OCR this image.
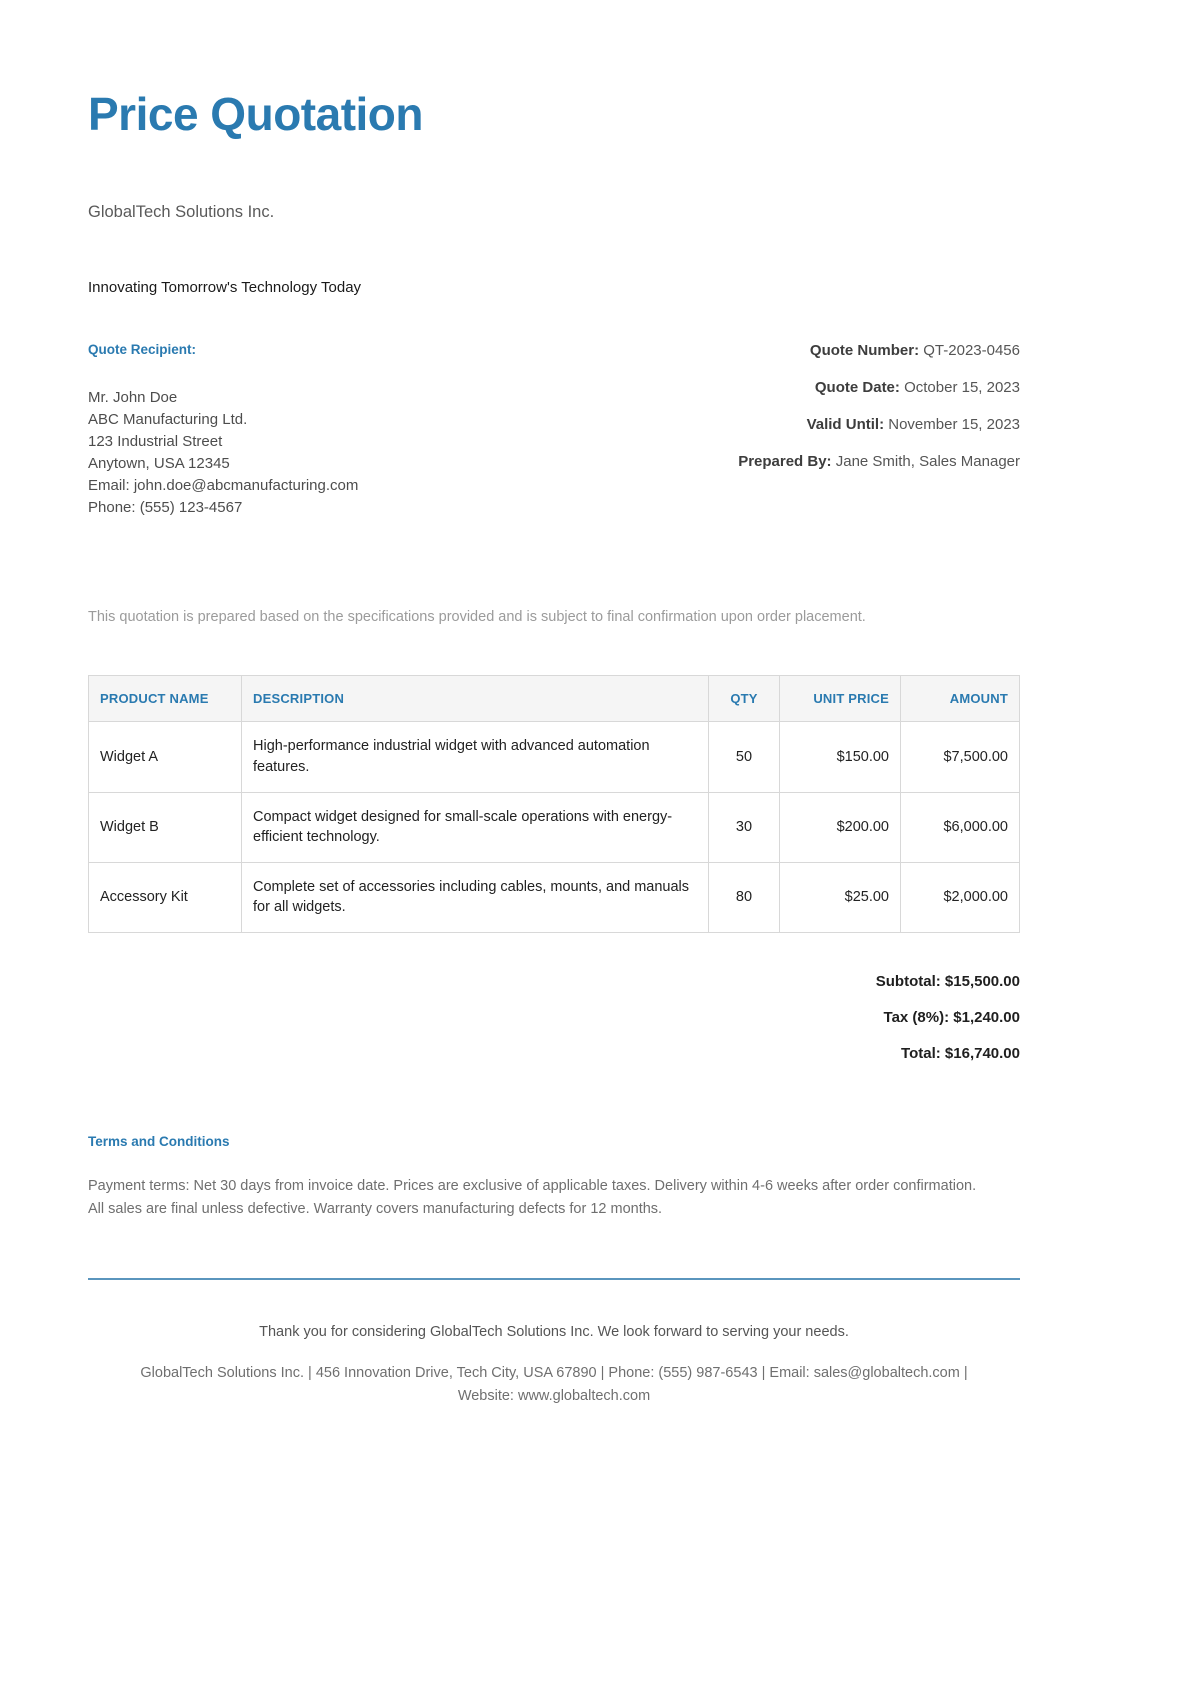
Price Quotation
GlobalTech Solutions Inc.
Innovating Tomorrow's Technology Today
Quote Recipient:
Mr. John Doe
ABC Manufacturing Ltd.
123 Industrial Street
Anytown, USA 12345
Email: john.doe@abcmanufacturing.com
Phone: (555) 123-4567
Quote Number: QT-2023-0456
Quote Date: October 15, 2023
Valid Until: November 15, 2023
Prepared By: Jane Smith, Sales Manager
This quotation is prepared based on the specifications provided and is subject to final confirmation upon order placement.
PRODUCT NAME	DESCRIPTION	QTY	UNIT PRICE	AMOUNT
Widget A	High-performance industrial widget with advanced automation features.	50	$150.00	$7,500.00
Widget B	Compact widget designed for small-scale operations with energy-efficient technology.	30	$200.00	$6,000.00
Accessory Kit	Complete set of accessories including cables, mounts, and manuals for all widgets.	80	$25.00	$2,000.00
Subtotal: $15,500.00
Tax (8%): $1,240.00
Total: $16,740.00
Terms and Conditions
Payment terms: Net 30 days from invoice date. Prices are exclusive of applicable taxes. Delivery within 4-6 weeks after order confirmation. All sales are final unless defective. Warranty covers manufacturing defects for 12 months.
Thank you for considering GlobalTech Solutions Inc. We look forward to serving your needs.
GlobalTech Solutions Inc. | 456 Innovation Drive, Tech City, USA 67890 | Phone: (555) 987-6543 | Email: sales@globaltech.com | Website: www.globaltech.com
